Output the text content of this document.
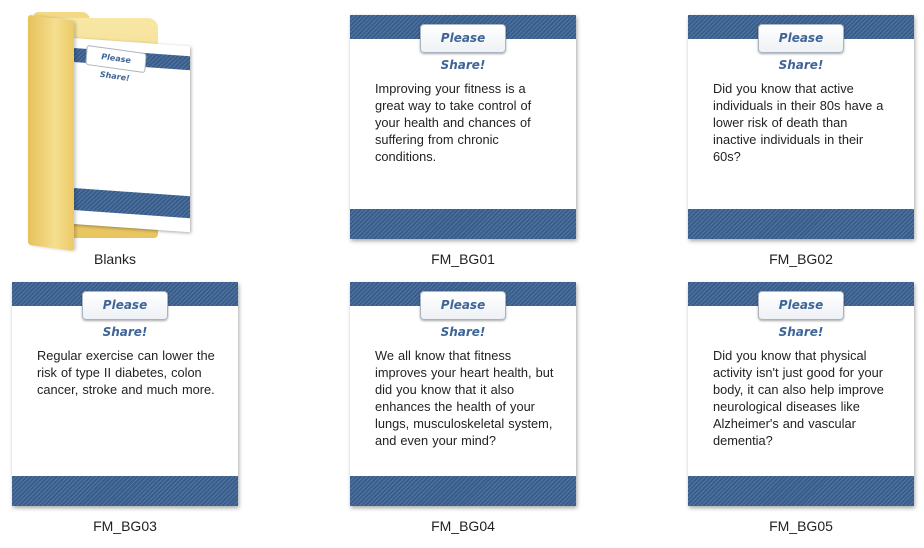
Please Share!
Blanks
Please Share!
Improving your fitness is a great way to take control of your health and chances of suffering from chronic conditions.
FM_BG01
Please Share!
Did you know that active individuals in their 80s have a lower risk of death than inactive individuals in their 60s?
FM_BG02
Please Share!
Regular exercise can lower the risk of type II diabetes, colon cancer, stroke and much more.
FM_BG03
Please Share!
We all know that fitness improves your heart health, but did you know that it also enhances the health of your lungs, musculoskeletal system, and even your mind?
FM_BG04
Please Share!
Did you know that physical activity isn't just good for your body, it can also help improve neurological diseases like Alzheimer's and vascular dementia?
FM_BG05
